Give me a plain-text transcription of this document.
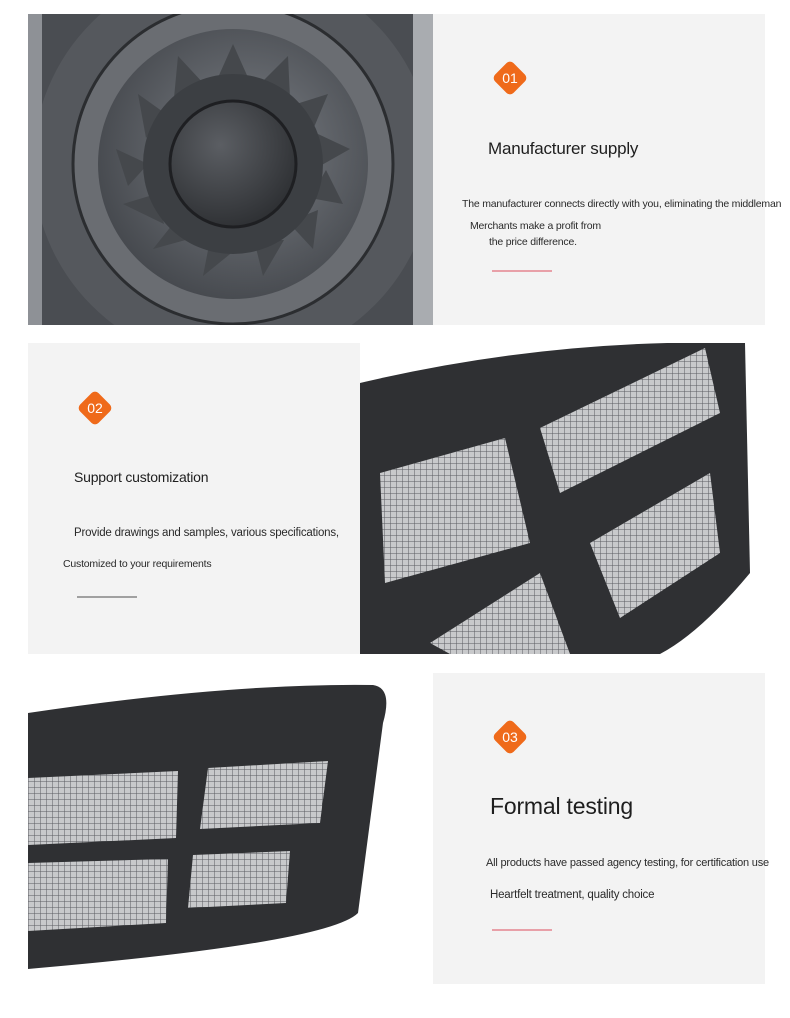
01
Manufacturer supply
The manufacturer connects directly with you, eliminating the middleman
Merchants make a profit from
the price difference.
02
Support customization
Provide drawings and samples, various specifications,
Customized to your requirements
03
Formal testing
All products have passed agency testing, for certification use
Heartfelt treatment, quality choice
